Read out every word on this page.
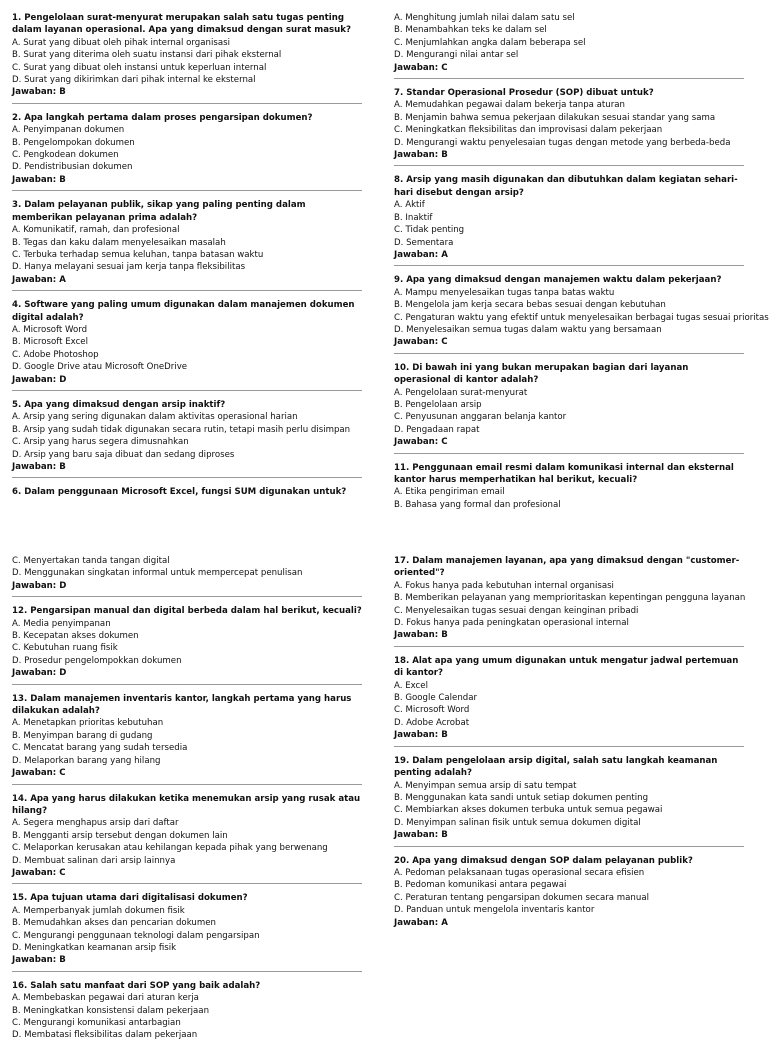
1. Pengelolaan surat-menyurat merupakan salah satu tugas penting dalam layanan operasional. Apa yang dimaksud dengan surat masuk?
A. Surat yang dibuat oleh pihak internal organisasi
B. Surat yang diterima oleh suatu instansi dari pihak eksternal
C. Surat yang dibuat oleh instansi untuk keperluan internal
D. Surat yang dikirimkan dari pihak internal ke eksternal
Jawaban: B
2. Apa langkah pertama dalam proses pengarsipan dokumen?
A. Penyimpanan dokumen
B. Pengelompokan dokumen
C. Pengkodean dokumen
D. Pendistribusian dokumen
Jawaban: B
3. Dalam pelayanan publik, sikap yang paling penting dalam memberikan pelayanan prima adalah?
A. Komunikatif, ramah, dan profesional
B. Tegas dan kaku dalam menyelesaikan masalah
C. Terbuka terhadap semua keluhan, tanpa batasan waktu
D. Hanya melayani sesuai jam kerja tanpa fleksibilitas
Jawaban: A
4. Software yang paling umum digunakan dalam manajemen dokumen digital adalah?
A. Microsoft Word
B. Microsoft Excel
C. Adobe Photoshop
D. Google Drive atau Microsoft OneDrive
Jawaban: D
5. Apa yang dimaksud dengan arsip inaktif?
A. Arsip yang sering digunakan dalam aktivitas operasional harian
B. Arsip yang sudah tidak digunakan secara rutin, tetapi masih perlu disimpan
C. Arsip yang harus segera dimusnahkan
D. Arsip yang baru saja dibuat dan sedang diproses
Jawaban: B
6. Dalam penggunaan Microsoft Excel, fungsi SUM digunakan untuk?
A. Menghitung jumlah nilai dalam satu sel
B. Menambahkan teks ke dalam sel
C. Menjumlahkan angka dalam beberapa sel
D. Mengurangi nilai antar sel
Jawaban: C
7. Standar Operasional Prosedur (SOP) dibuat untuk?
A. Memudahkan pegawai dalam bekerja tanpa aturan
B. Menjamin bahwa semua pekerjaan dilakukan sesuai standar yang sama
C. Meningkatkan fleksibilitas dan improvisasi dalam pekerjaan
D. Mengurangi waktu penyelesaian tugas dengan metode yang berbeda-beda
Jawaban: B
8. Arsip yang masih digunakan dan dibutuhkan dalam kegiatan sehari-hari disebut dengan arsip?
A. Aktif
B. Inaktif
C. Tidak penting
D. Sementara
Jawaban: A
9. Apa yang dimaksud dengan manajemen waktu dalam pekerjaan?
A. Mampu menyelesaikan tugas tanpa batas waktu
B. Mengelola jam kerja secara bebas sesuai dengan kebutuhan
C. Pengaturan waktu yang efektif untuk menyelesaikan berbagai tugas sesuai prioritas
D. Menyelesaikan semua tugas dalam waktu yang bersamaan
Jawaban: C
10. Di bawah ini yang bukan merupakan bagian dari layanan operasional di kantor adalah?
A. Pengelolaan surat-menyurat
B. Pengelolaan arsip
C. Penyusunan anggaran belanja kantor
D. Pengadaan rapat
Jawaban: C
11. Penggunaan email resmi dalam komunikasi internal dan eksternal kantor harus memperhatikan hal berikut, kecuali?
A. Etika pengiriman email
B. Bahasa yang formal dan profesional
C. Menyertakan tanda tangan digital
D. Menggunakan singkatan informal untuk mempercepat penulisan
Jawaban: D
12. Pengarsipan manual dan digital berbeda dalam hal berikut, kecuali?
A. Media penyimpanan
B. Kecepatan akses dokumen
C. Kebutuhan ruang fisik
D. Prosedur pengelompokkan dokumen
Jawaban: D
13. Dalam manajemen inventaris kantor, langkah pertama yang harus dilakukan adalah?
A. Menetapkan prioritas kebutuhan
B. Menyimpan barang di gudang
C. Mencatat barang yang sudah tersedia
D. Melaporkan barang yang hilang
Jawaban: C
14. Apa yang harus dilakukan ketika menemukan arsip yang rusak atau hilang?
A. Segera menghapus arsip dari daftar
B. Mengganti arsip tersebut dengan dokumen lain
C. Melaporkan kerusakan atau kehilangan kepada pihak yang berwenang
D. Membuat salinan dari arsip lainnya
Jawaban: C
15. Apa tujuan utama dari digitalisasi dokumen?
A. Memperbanyak jumlah dokumen fisik
B. Memudahkan akses dan pencarian dokumen
C. Mengurangi penggunaan teknologi dalam pengarsipan
D. Meningkatkan keamanan arsip fisik
Jawaban: B
16. Salah satu manfaat dari SOP yang baik adalah?
A. Membebaskan pegawai dari aturan kerja
B. Meningkatkan konsistensi dalam pekerjaan
C. Mengurangi komunikasi antarbagian
D. Membatasi fleksibilitas dalam pekerjaan
17. Dalam manajemen layanan, apa yang dimaksud dengan "customer-oriented"?
A. Fokus hanya pada kebutuhan internal organisasi
B. Memberikan pelayanan yang memprioritaskan kepentingan pengguna layanan
C. Menyelesaikan tugas sesuai dengan keinginan pribadi
D. Fokus hanya pada peningkatan operasional internal
Jawaban: B
18. Alat apa yang umum digunakan untuk mengatur jadwal pertemuan di kantor?
A. Excel
B. Google Calendar
C. Microsoft Word
D. Adobe Acrobat
Jawaban: B
19. Dalam pengelolaan arsip digital, salah satu langkah keamanan penting adalah?
A. Menyimpan semua arsip di satu tempat
B. Menggunakan kata sandi untuk setiap dokumen penting
C. Membiarkan akses dokumen terbuka untuk semua pegawai
D. Menyimpan salinan fisik untuk semua dokumen digital
Jawaban: B
20. Apa yang dimaksud dengan SOP dalam pelayanan publik?
A. Pedoman pelaksanaan tugas operasional secara efisien
B. Pedoman komunikasi antara pegawai
C. Peraturan tentang pengarsipan dokumen secara manual
D. Panduan untuk mengelola inventaris kantor
Jawaban: A
